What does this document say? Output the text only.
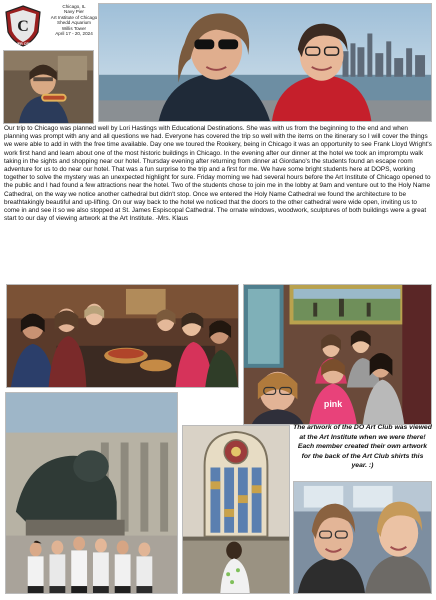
C
SILVER CREST
Chicago, IL
Navy Pier
Art Institute of Chicago
Shedd Aquarium
Willis Tower
April 17 - 20, 2024
Our trip to Chicago was planned well by Lori Hastings with Educational Destinations. She was with us from the beginning to the end and when planning was prompt with any and all questions we had. Everyone has covered the trip so well with the items on the itinerary so I will cover the things we were able to add in with the free time available. Day one we toured the Rookery, being in Chicago it was an opportunity to see Frank Lloyd Wright's work first hand and learn about one of the most historic buildings in Chicago. In the evening after our dinner at the hotel we took an impromptu walk taking in the sights and shopping near our hotel. Thursday evening after returning from dinner at Giordano's the students found an escape room adventure for us to do near our hotel. That was a fun surprise to the trip and a first for me. We have some bright students here at DOPS, working together to solve the mystery was an unexpected highlight for sure. Friday morning we had several hours before the Art Institute of Chicago opened to the public and I had found a few attractions near the hotel. Two of the students chose to join me in the lobby at 9am and venture out to the Holy Name Cathedral, on the way we notice another cathedral but didn't stop. Once we entered the Holy Name Cathedral we found the architecture to be breathtakingly beautiful and up-lifting. On our way back to the hotel we noticed that the doors to the other cathedral were wide open, inviting us to come in and see it so we also stopped at St. James Espiscopal Cathedral. The ornate windows, woodwork, sculptures of both buildings were a great start to our day of viewing artwork at the Art Institute. -Mrs. Klaus
pink
The artwork of the DO Art Club was viewed at the Art Institute when we were there! Each member created their own artwork for the back of the Art Club shirts this year. :)
